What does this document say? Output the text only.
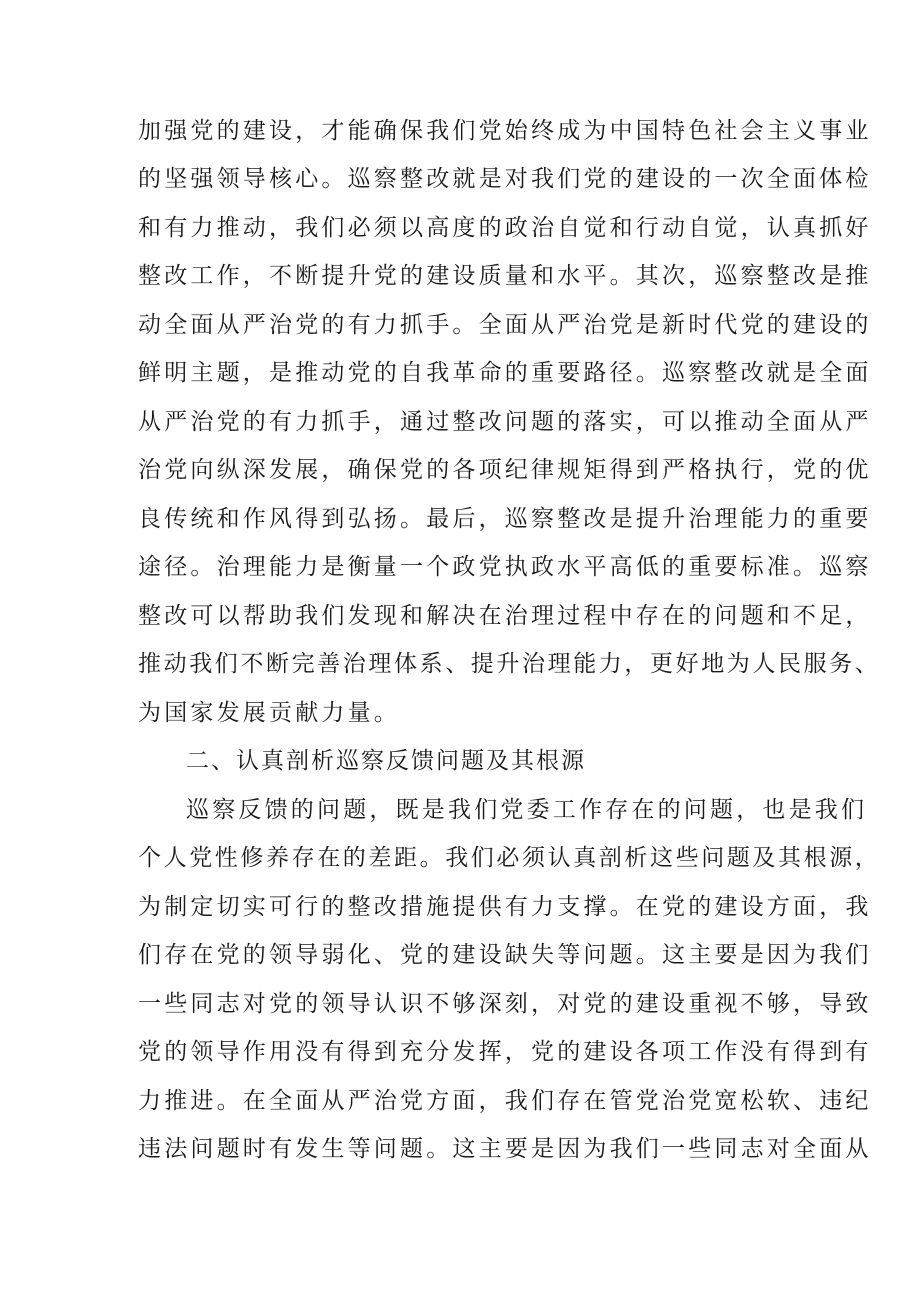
加强党的建设，才能确保我们党始终成为中国特色社会主义事业
的坚强领导核心。巡察整改就是对我们党的建设的一次全面体检
和有力推动，我们必须以高度的政治自觉和行动自觉，认真抓好
整改工作，不断提升党的建设质量和水平。其次，巡察整改是推
动全面从严治党的有力抓手。全面从严治党是新时代党的建设的
鲜明主题，是推动党的自我革命的重要路径。巡察整改就是全面
从严治党的有力抓手，通过整改问题的落实，可以推动全面从严
治党向纵深发展，确保党的各项纪律规矩得到严格执行，党的优
良传统和作风得到弘扬。最后，巡察整改是提升治理能力的重要
途径。治理能力是衡量一个政党执政水平高低的重要标准。巡察
整改可以帮助我们发现和解决在治理过程中存在的问题和不足，
推动我们不断完善治理体系、提升治理能力，更好地为人民服务、
为国家发展贡献力量。
二、认真剖析巡察反馈问题及其根源
巡察反馈的问题，既是我们党委工作存在的问题，也是我们
个人党性修养存在的差距。我们必须认真剖析这些问题及其根源，
为制定切实可行的整改措施提供有力支撑。在党的建设方面，我
们存在党的领导弱化、党的建设缺失等问题。这主要是因为我们
一些同志对党的领导认识不够深刻，对党的建设重视不够，导致
党的领导作用没有得到充分发挥，党的建设各项工作没有得到有
力推进。在全面从严治党方面，我们存在管党治党宽松软、违纪
违法问题时有发生等问题。这主要是因为我们一些同志对全面从
